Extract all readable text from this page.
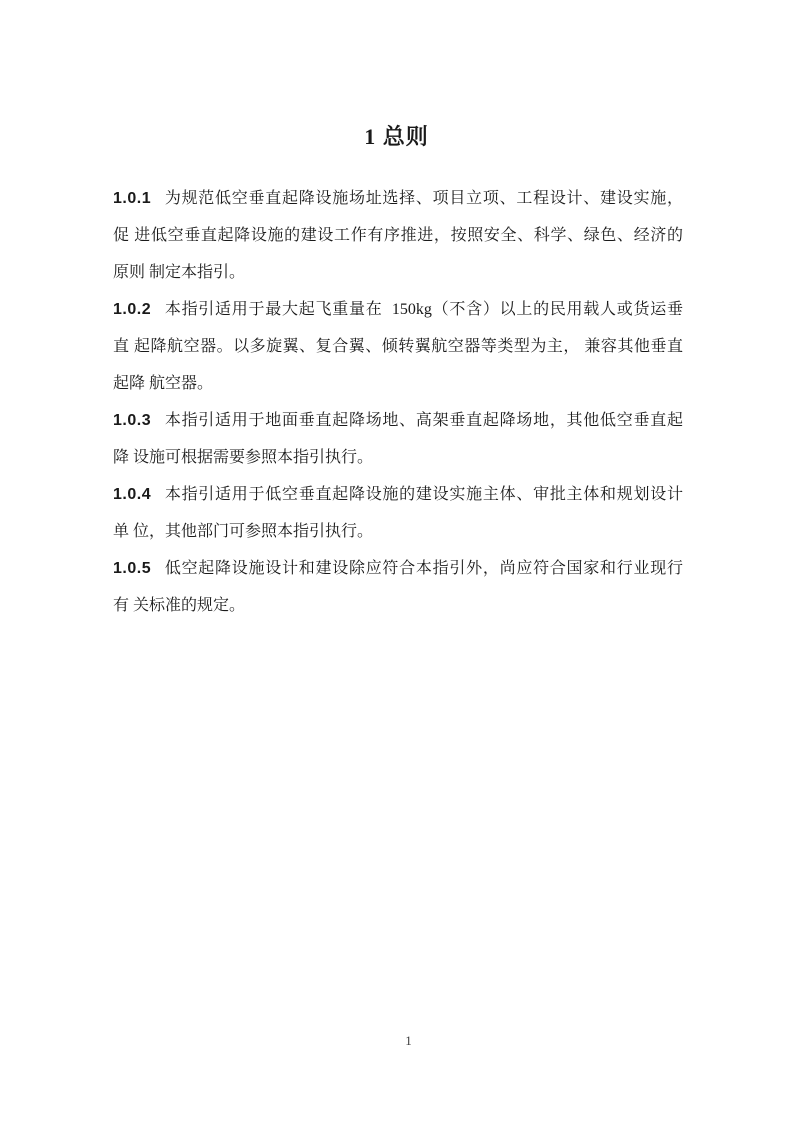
1 总则
1.0.1 为规范低空垂直起降设施场址选择、项目立项、工程设计、建设实施，
促 进低空垂直起降设施的建设工作有序推进，按照安全、科学、绿色、经济的
原则 制定本指引。
1.0.2 本指引适用于最大起飞重量在  150kg（不含）以上的民用载人或货运垂
直 起降航空器。以多旋翼、复合翼、倾转翼航空器等类型为主， 兼容其他垂直
起降 航空器。
1.0.3 本指引适用于地面垂直起降场地、高架垂直起降场地，其他低空垂直起
降 设施可根据需要参照本指引执行。
1.0.4 本指引适用于低空垂直起降设施的建设实施主体、审批主体和规划设计
单 位，其他部门可参照本指引执行。
1.0.5 低空起降设施设计和建设除应符合本指引外，尚应符合国家和行业现行
有 关标准的规定。
1
